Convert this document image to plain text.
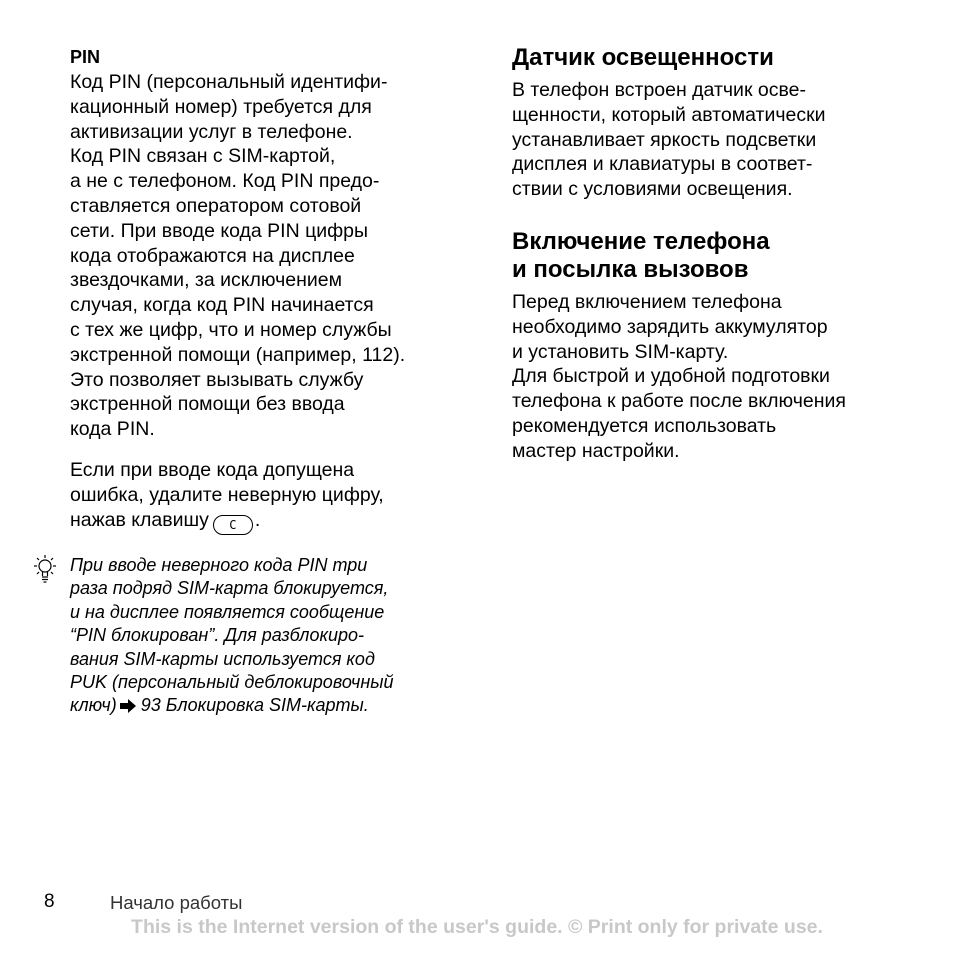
PIN
Код PIN (персональный идентифи-
кационный номер) требуется для
активизации услуг в телефоне.
Код PIN связан с SIM-картой,
а не с телефоном. Код PIN предо-
ставляется оператором сотовой
сети. При вводе кода PIN цифры
кода отображаются на дисплее
звездочками, за исключением
случая, когда код PIN начинается
с тех же цифр, что и номер службы
экстренной помощи (например, 112).
Это позволяет вызывать службу
экстренной помощи без ввода
кода PIN.
Если при вводе кода допущена
ошибка, удалите неверную цифру,
нажав клавишу C .
При вводе неверного кода PIN три
раза подряд SIM-карта блокируется,
и на дисплее появляется сообщение
“PIN блокирован”. Для разблокиро-
вания SIM-карты используется код
PUK (персональный деблокировочный
ключ) 93 Блокировка SIM-карты.
Датчик освещенности
В телефон встроен датчик осве-
щенности, который автоматически
устанавливает яркость подсветки
дисплея и клавиатуры в соответ-
ствии с условиями освещения.
Включение телефона
и посылка вызовов
Перед включением телефона
необходимо зарядить аккумулятор
и установить SIM-карту.
Для быстрой и удобной подготовки
телефона к работе после включения
рекомендуется использовать
мастер настройки.
8	Начало работы
This is the Internet version of the user's guide. © Print only for private use.
